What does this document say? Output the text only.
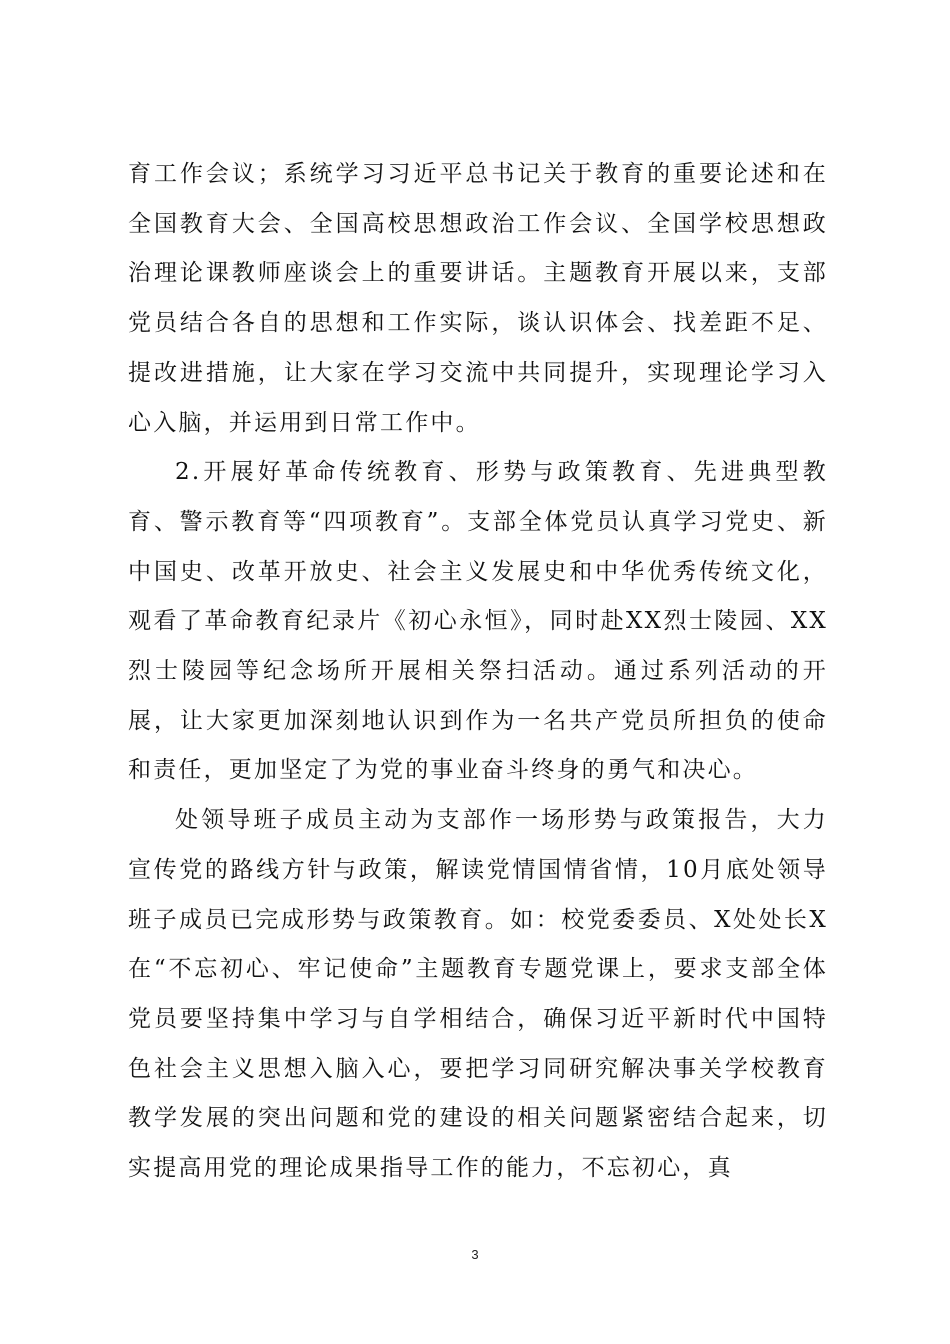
育工作会议；系统学习习近平总书记关于教育的重要论述和在全国教育大会、全国高校思想政治工作会议、全国学校思想政治理论课教师座谈会上的重要讲话。主题教育开展以来，支部党员结合各自的思想和工作实际，谈认识体会、找差距不足、提改进措施，让大家在学习交流中共同提升，实现理论学习入心入脑，并运用到日常工作中。

2.开展好革命传统教育、形势与政策教育、先进典型教育、警示教育等“四项教育”。支部全体党员认真学习党史、新中国史、改革开放史、社会主义发展史和中华优秀传统文化，观看了革命教育纪录片《初心永恒》，同时赴XX烈士陵园、XX烈士陵园等纪念场所开展相关祭扫活动。通过系列活动的开展，让大家更加深刻地认识到作为一名共产党员所担负的使命和责任，更加坚定了为党的事业奋斗终身的勇气和决心。

处领导班子成员主动为支部作一场形势与政策报告，大力宣传党的路线方针与政策，解读党情国情省情，10月底处领导班子成员已完成形势与政策教育。如：校党委委员、X处处长X在“不忘初心、牢记使命”主题教育专题党课上，要求支部全体党员要坚持集中学习与自学相结合，确保习近平新时代中国特色社会主义思想入脑入心，要把学习同研究解决事关学校教育教学发展的突出问题和党的建设的相关问题紧密结合起来，切实提高用党的理论成果指导工作的能力，不忘初心，真

3
